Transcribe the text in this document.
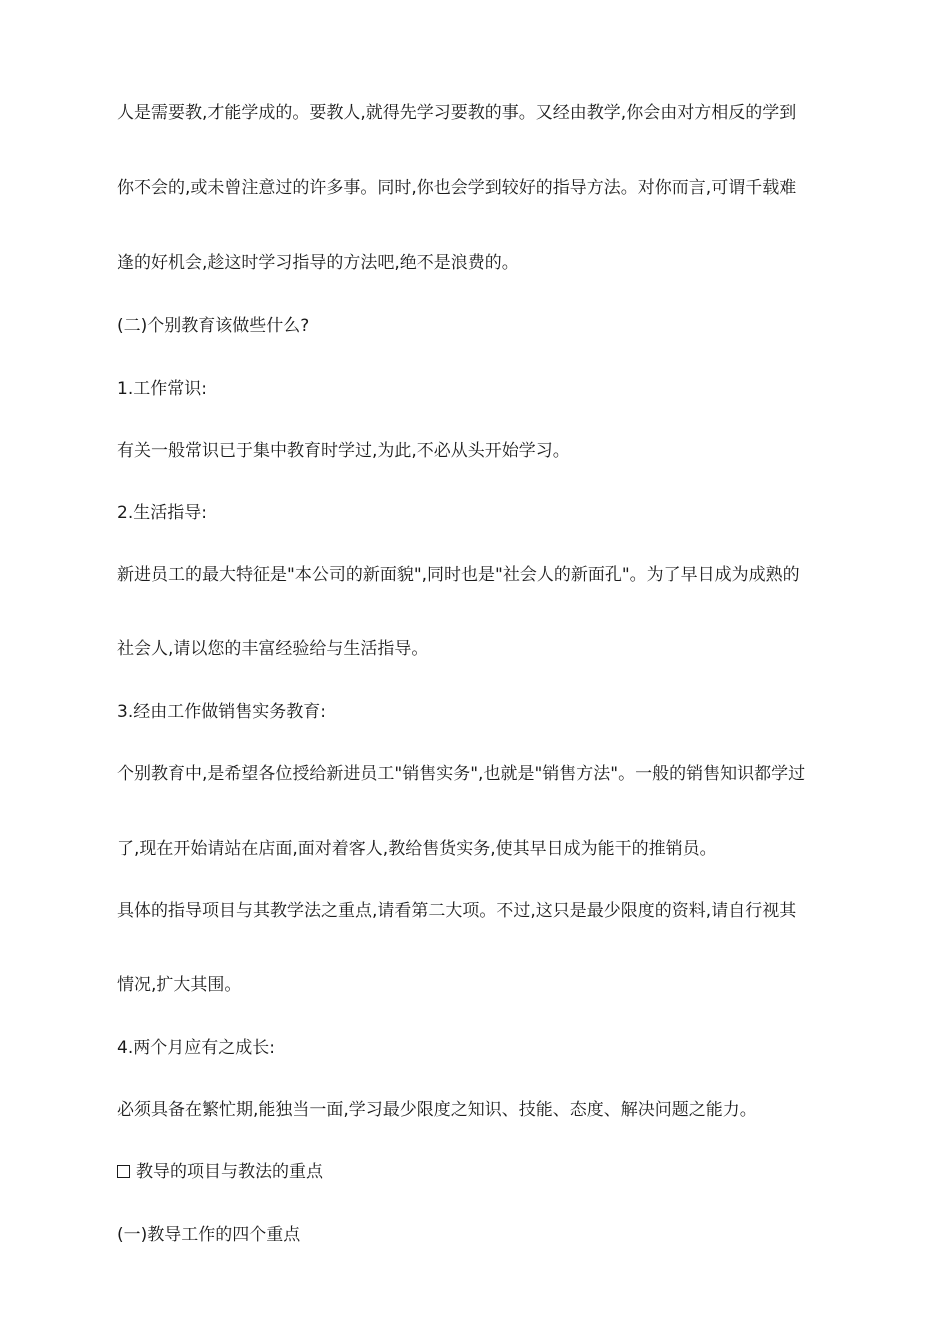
人是需要教,才能学成的。要教人,就得先学习要教的事。又经由教学,你会由对方相反的学到
你不会的,或未曾注意过的许多事。同时,你也会学到较好的指导方法。对你而言,可谓千载难
逢的好机会,趁这时学习指导的方法吧,绝不是浪费的。
(二)个别教育该做些什么?
1.工作常识:
有关一般常识已于集中教育时学过,为此,不必从头开始学习。
2.生活指导:
新进员工的最大特征是"本公司的新面貌",同时也是"社会人的新面孔"。为了早日成为成熟的
社会人,请以您的丰富经验给与生活指导。
3.经由工作做销售实务教育:
个别教育中,是希望各位授给新进员工"销售实务",也就是"销售方法"。一般的销售知识都学过
了,现在开始请站在店面,面对着客人,教给售货实务,使其早日成为能干的推销员。
具体的指导项目与其教学法之重点,请看第二大项。不过,这只是最少限度的资料,请自行视其
情况,扩大其围。
4.两个月应有之成长:
必须具备在繁忙期,能独当一面,学习最少限度之知识、技能、态度、解决问题之能力。
教导的项目与教法的重点
(一)教导工作的四个重点
